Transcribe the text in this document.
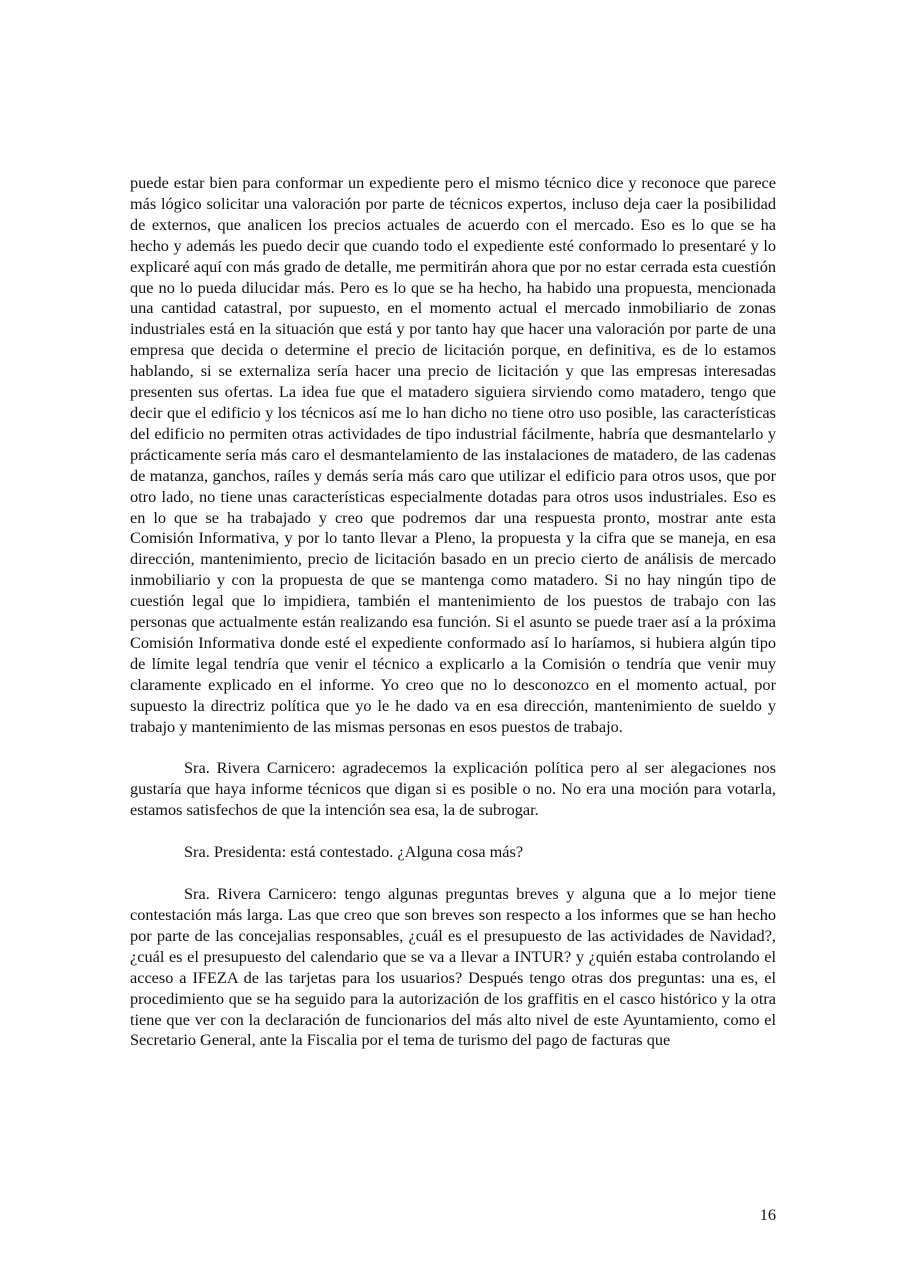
puede estar bien para conformar un expediente pero el mismo técnico dice y reconoce que parece más lógico solicitar una valoración por parte de técnicos expertos, incluso deja caer la posibilidad de externos, que analicen los precios actuales de acuerdo con el mercado. Eso es lo que se ha hecho y además les puedo decir que cuando todo el expediente esté conformado lo presentaré y lo explicaré aquí con más grado de detalle, me permitirán ahora que por no estar cerrada esta cuestión que no lo pueda dilucidar más. Pero es lo que se ha hecho, ha habido una propuesta, mencionada una cantidad catastral, por supuesto, en el momento actual el mercado inmobiliario de zonas industriales está en la situación que está y por tanto hay que hacer una valoración por parte de una empresa que decida o determine el precio de licitación porque, en definitiva, es de lo estamos hablando, si se externaliza sería hacer una precio de licitación y que las empresas interesadas presenten sus ofertas. La idea fue que el matadero siguiera sirviendo como matadero, tengo que decir que el edificio y los técnicos así me lo han dicho no tiene otro uso posible, las características del edificio no permiten otras actividades de tipo industrial fácilmente, habría que desmantelarlo y prácticamente sería más caro el desmantelamiento de las instalaciones de matadero, de las cadenas de matanza, ganchos, raíles y demás sería más caro que utilizar el edificio para otros usos, que por otro lado, no tiene unas características especialmente dotadas para otros usos industriales. Eso es en lo que se ha trabajado y creo que podremos dar una respuesta pronto, mostrar ante esta Comisión Informativa, y por lo tanto llevar a Pleno, la propuesta y la cifra que se maneja, en esa dirección, mantenimiento, precio de licitación basado en un precio cierto de análisis de mercado inmobiliario y con la propuesta de que se mantenga como matadero. Si no hay ningún tipo de cuestión legal que lo impidiera, también el mantenimiento de los puestos de trabajo con las personas que actualmente están realizando esa función. Si el asunto se puede traer así a la próxima Comisión Informativa donde esté el expediente conformado así lo haríamos, si hubiera algún tipo de límite legal tendría que venir el técnico a explicarlo a la Comisión o tendría que venir muy claramente explicado en el informe. Yo creo que no lo desconozco en el momento actual, por supuesto la directriz política que yo le he dado va en esa dirección, mantenimiento de sueldo y trabajo y mantenimiento de las mismas personas en esos puestos de trabajo.

Sra. Rivera Carnicero: agradecemos la explicación política pero al ser alegaciones nos gustaría que haya informe técnicos que digan si es posible o no. No era una moción para votarla, estamos satisfechos de que la intención sea esa, la de subrogar.

Sra. Presidenta: está contestado. ¿Alguna cosa más?

Sra. Rivera Carnicero: tengo algunas preguntas breves y alguna que a lo mejor tiene contestación más larga. Las que creo que son breves son respecto a los informes que se han hecho por parte de las concejalias responsables, ¿cuál es el presupuesto de las actividades de Navidad?, ¿cuál es el presupuesto del calendario que se va a llevar a INTUR? y ¿quién estaba controlando el acceso a IFEZA de las tarjetas para los usuarios? Después tengo otras dos preguntas: una es, el procedimiento que se ha seguido para la autorización de los graffitis en el casco histórico y la otra tiene que ver con la declaración de funcionarios del más alto nivel de este Ayuntamiento, como el Secretario General, ante la Fiscalia por el tema de turismo del pago de facturas que

16
